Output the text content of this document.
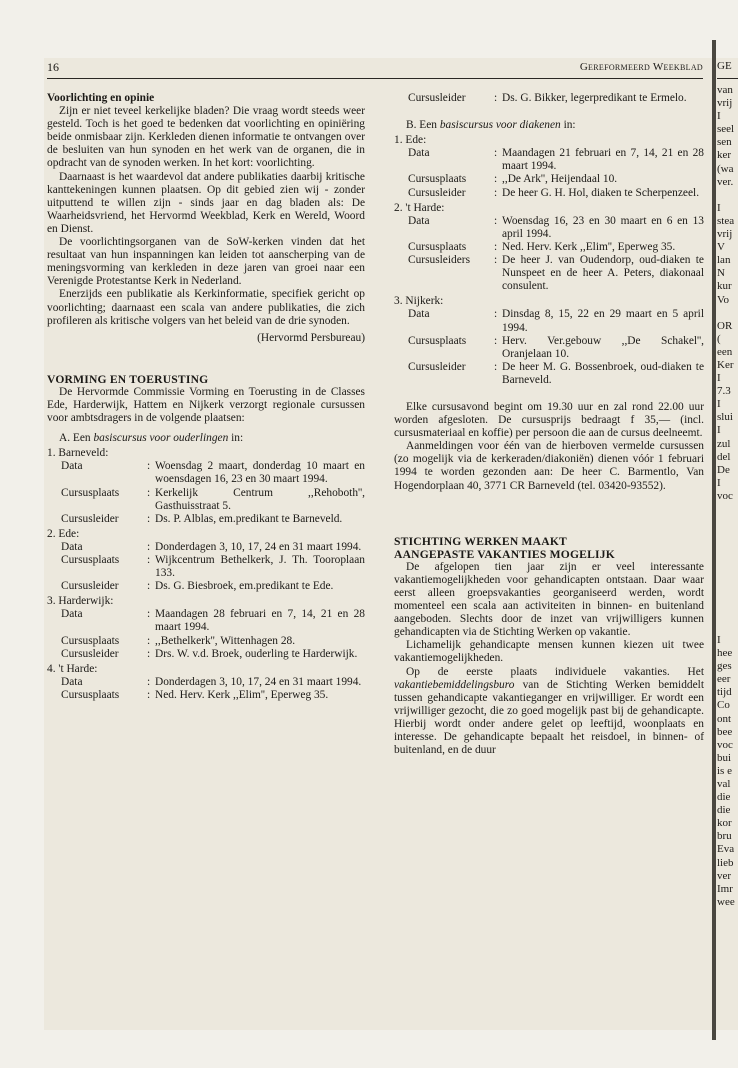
16	Gereformeerd Weekblad GE
Voorlichting en opinie

Zijn er niet teveel kerkelijke bladen? Die vraag wordt steeds weer gesteld. Toch is het goed te bedenken dat voorlichting en opiniëring beide onmisbaar zijn. Kerkleden dienen informatie te ontvangen over de besluiten van hun synoden en het werk van de organen, die in opdracht van de synoden werken. In het kort: voorlichting.

Daarnaast is het waardevol dat andere publikaties daarbij kritische kanttekeningen kunnen plaatsen. Op dit gebied zien wij - zonder uitputtend te willen zijn - sinds jaar en dag bladen als: De Waarheidsvriend, het Hervormd Weekblad, Kerk en Wereld, Woord en Dienst.

De voorlichtingsorganen van de SoW-kerken vinden dat het resultaat van hun inspanningen kan leiden tot aanscherping van de meningsvorming van kerkleden in deze jaren van groei naar een Verenigde Protestantse Kerk in Nederland.

Enerzijds een publikatie als Kerkinformatie, specifiek gericht op voorlichting; daarnaast een scala van andere publikaties, die zich profileren als kritische volgers van het beleid van de drie synoden.

(Hervormd Persbureau)

VORMING EN TOERUSTING

De Hervormde Commissie Vorming en Toerusting in de Classes Ede, Harderwijk, Hattem en Nijkerk verzorgt regionale cursussen voor ambtsdragers in de volgende plaatsen:

A. Een basiscursus voor ouderlingen in:

1. Barneveld:
Data	: Woensdag 2 maart, donderdag 10 maart en woensdagen 16, 23 en 30 maart 1994.
Cursusplaats	: Kerkelijk Centrum ,,Rehoboth'', Gasthuisstraat 5.
Cursusleider	: Ds. P. Alblas, em.predikant te Barneveld.
2. Ede:
Data	: Donderdagen 3, 10, 17, 24 en 31 maart 1994.
Cursusplaats	: Wijkcentrum Bethelkerk, J. Th. Tooroplaan 133.
Cursusleider	: Ds. G. Biesbroek, em.predikant te Ede.
3. Harderwijk:
Data	: Maandagen 28 februari en 7, 14, 21 en 28 maart 1994.
Cursusplaats	: ,,Bethelkerk'', Wittenhagen 28.
Cursusleider	: Drs. W. v.d. Broek, ouderling te Harderwijk.
4. 't Harde:
Data	: Donderdagen 3, 10, 17, 24 en 31 maart 1994.
Cursusplaats	: Ned. Herv. Kerk ,,Elim'', Eperweg 35.
Cursusleider	: Ds. G. Bikker, legerpredikant te Ermelo.

B. Een basiscursus voor diakenen in:

1. Ede:
Data	: Maandagen 21 februari en 7, 14, 21 en 28 maart 1994.
Cursusplaats	: ,,De Ark'', Heijendaal 10.
Cursusleider	: De heer G. H. Hol, diaken te Scherpenzeel.
2. 't Harde:
Data	: Woensdag 16, 23 en 30 maart en 6 en 13 april 1994.
Cursusplaats	: Ned. Herv. Kerk ,,Elim'', Eperweg 35.
Cursusleiders	: De heer J. van Oudendorp, oud-diaken te Nunspeet en de heer A. Peters, diakonaal consulent.
3. Nijkerk:
Data	: Dinsdag 8, 15, 22 en 29 maart en 5 april 1994.
Cursusplaats	: Herv. Ver.gebouw ,,De Schakel'', Oranjelaan 10.
Cursusleider	: De heer M. G. Bossenbroek, oud-diaken te Barneveld.

Elke cursusavond begint om 19.30 uur en zal rond 22.00 uur worden afgesloten. De cursusprijs bedraagt f 35,— (incl. cursusmateriaal en koffie) per persoon die aan de cursus deelneemt.

Aanmeldingen voor één van de hierboven vermelde cursussen (zo mogelijk via de kerkeraden/diakoniën) dienen vóór 1 februari 1994 te worden gezonden aan: De heer C. Barmentlo, Van Hogendorplaan 40, 3771 CR Barneveld (tel. 03420-93552).

STICHTING WERKEN MAAKT
AANGEPASTE VAKANTIES MOGELIJK

De afgelopen tien jaar zijn er veel interessante vakantiemogelijkheden voor gehandicapten ontstaan. Daar waar eerst alleen groepsvakanties georganiseerd werden, wordt momenteel een scala aan activiteiten in binnen- en buitenland aangeboden. Slechts door de inzet van vrijwilligers kunnen gehandicapten via de Stichting Werken op vakantie.

Lichamelijk gehandicapte mensen kunnen kiezen uit twee vakantiemogelijkheden.

Op de eerste plaats individuele vakanties. Het vakantiebemiddelingsburo van de Stichting Werken bemiddelt tussen gehandicapte vakantieganger en vrijwilliger. Er wordt een vrijwilliger gezocht, die zo goed mogelijk past bij de gehandicapte. Hierbij wordt onder andere gelet op leeftijd, woonplaats en interesse. De gehandicapte bepaalt het reisdoel, in binnen- of buitenland, en de duur

van
vrij
I
seel
sen
ker
(wa
ver.
I
stea
vrij
V
lan
N
kur
Vo
OR
(
een
Ker
I
7.3
I
slui
I
zul
del
De
I
voc
I
hee
ges
eer
tijd
Co
ont
bee
voc
bui
is e
val
die
die
kor
bru
Eva
lieb
ver
Imr
wee
